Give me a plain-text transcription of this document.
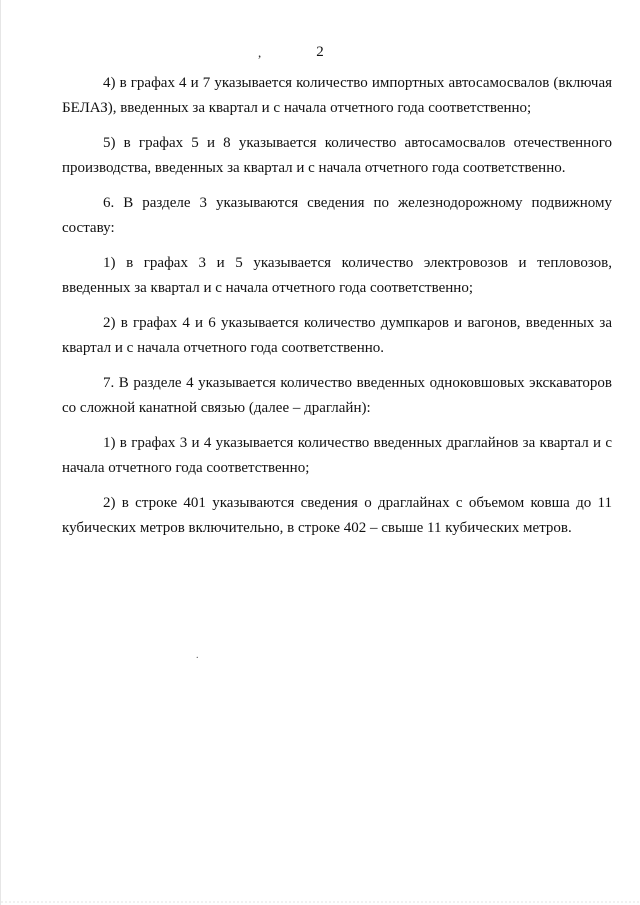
,	2

4) в графах 4 и 7 указывается количество импортных автосамосвалов (включая БЕЛАЗ), введенных за квартал и с начала отчетного года соответственно;

5) в графах 5 и 8 указывается количество автосамосвалов отечественного производства, введенных за квартал и с начала отчетного года соответственно.

6. В разделе 3 указываются сведения по железнодорожному подвижному составу:

1) в графах 3 и 5 указывается количество электровозов и тепловозов, введенных за квартал и с начала отчетного года соответственно;

2) в графах 4 и 6 указывается количество думпкаров и вагонов, введенных за квартал и с начала отчетного года соответственно.

7. В разделе 4 указывается количество введенных одноковшовых экскаваторов со сложной канатной связью (далее – драглайн):

1) в графах 3 и 4 указывается количество введенных драглайнов за квартал и с начала отчетного года соответственно;

2) в строке 401 указываются сведения о драглайнах с объемом ковша до 11 кубических метров включительно, в строке 402 – свыше 11 кубических метров.

.
